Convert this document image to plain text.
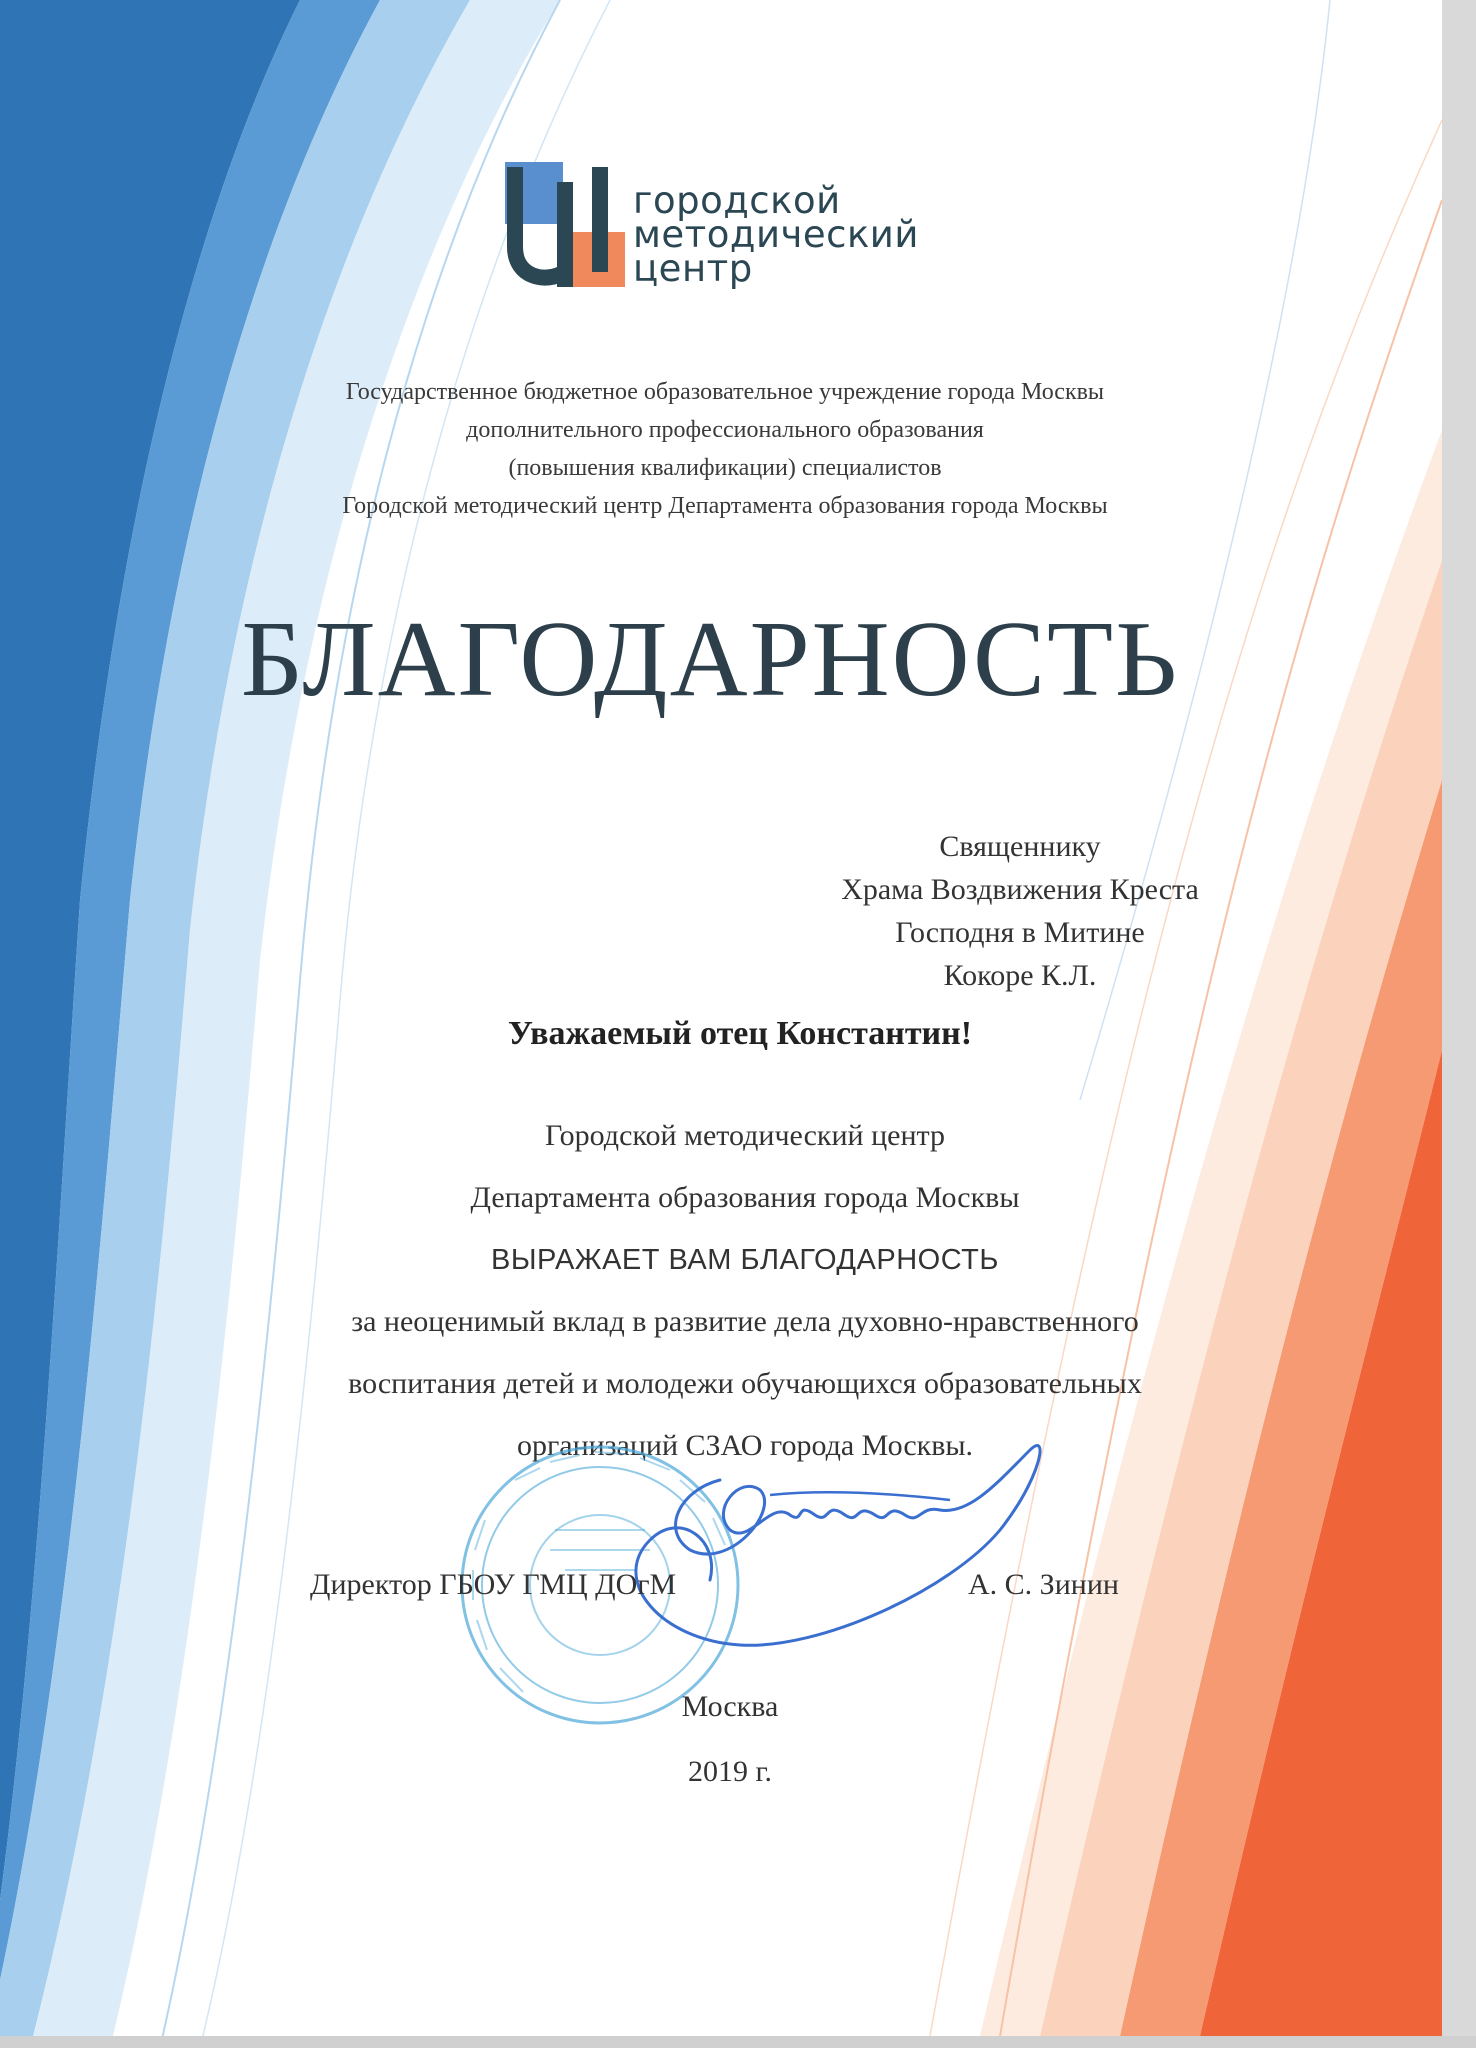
городской
методический
центр
Государственное бюджетное образовательное учреждение города Москвы
дополнительного профессионального образования
(повышения квалификации) специалистов
Городской методический центр Департамента образования города Москвы
БЛАГОДАРНОСТЬ
Священнику
Храма Воздвижения Креста
Господня в Митине
Кокоре К.Л.
Уважаемый отец Константин!
Городской методический центр
Департамента образования города Москвы
ВЫРАЖАЕТ ВАМ БЛАГОДАРНОСТЬ
за неоценимый вклад в развитие дела духовно-нравственного
воспитания детей и молодежи обучающихся образовательных
организаций СЗАО города Москвы.
Директор ГБОУ ГМЦ ДОгМ	А. С. Зинин
Москва
2019 г.
